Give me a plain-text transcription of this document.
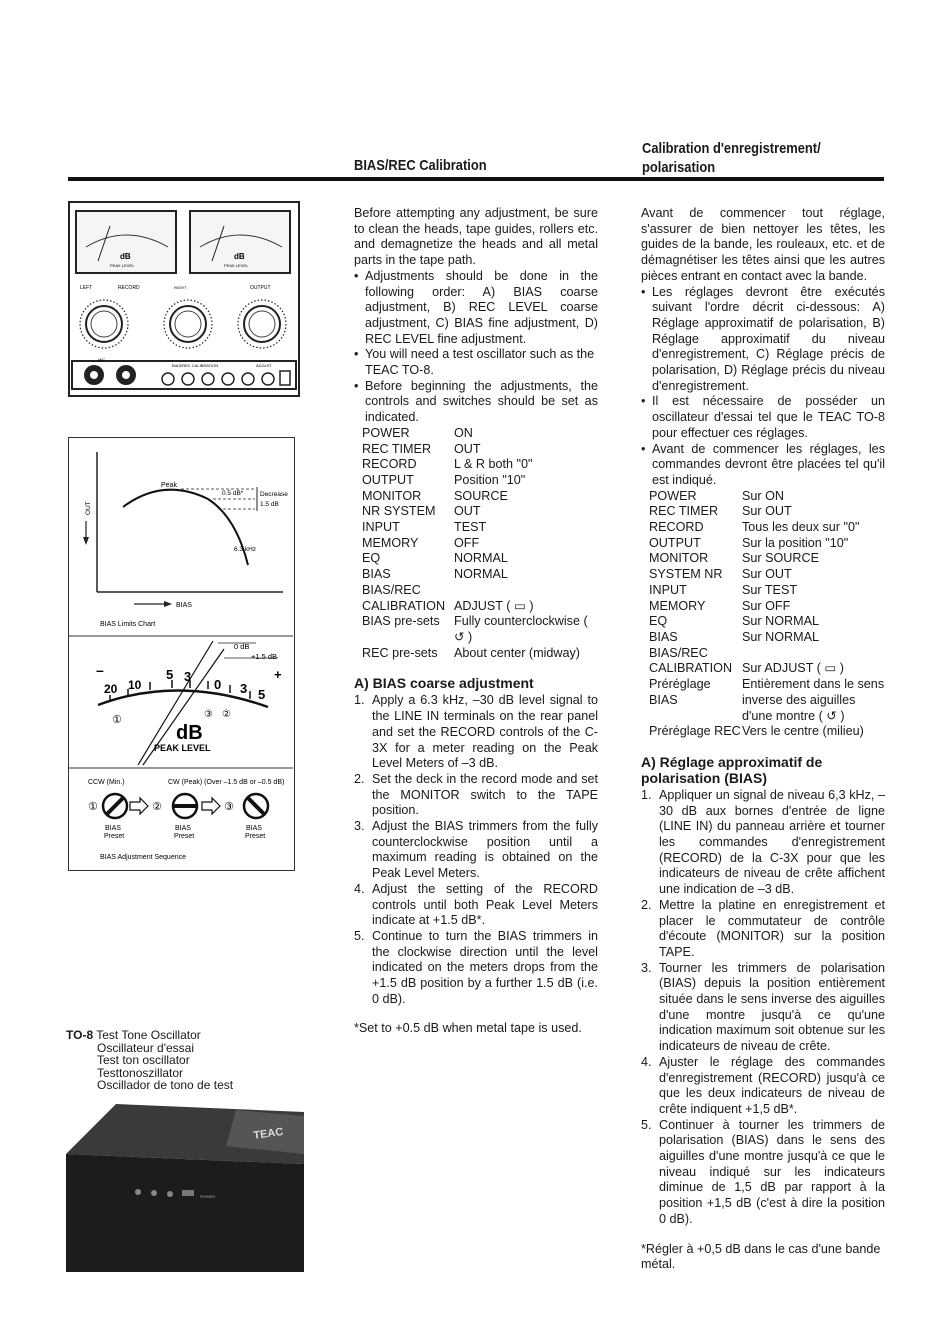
BIAS/REC Calibration
Calibration d'enregistrement/
polarisation
dB	dB
PEAK LEVEL	PEAK LEVEL
LEFT	RECORD	RIGHT	OUTPUT
MIC
BIAS/REC CALIBRATION	ADJUST
Peak
0.5 dB*	Decrease
1.5 dB
6.3 kHz
OUT
BIAS
BIAS Limits Chart
0 dB
+1.5 dB
20 10
5 3
0 3 5
–	+
①	②
③
dB
PEAK LEVEL
CCW (Min.)	CW (Peak) (Over –1.5 dB or –0.5 dB)
①	②	③
BIAS
Preset
BIAS
Preset
BIAS
Preset
BIAS Adjustment Sequence
TO-8 Test Tone Oscillator
Oscillateur d'essai
Test ton oscillator
Testtonoszillator
Oscillador de tono de test
TEAC
POWER

Before attempting any adjustment, be sure to clean the heads, tape guides, rollers etc. and demagnetize the heads and all metal parts in the tape path.

• Adjustments should be done in the following order: A) BIAS coarse adjustment, B) REC LEVEL coarse adjustment, C) BIAS fine adjustment, D) REC LEVEL fine adjustment.

• You will need a test oscillator such as the TEAC TO-8.

• Before beginning the adjustments, the controls and switches should be set as indicated.

POWER	ON
REC TIMER	OUT
RECORD	L & R both "0"
OUTPUT	Position "10"
MONITOR	SOURCE
NR SYSTEM	OUT
INPUT	TEST
MEMORY	OFF
EQ	NORMAL
BIAS	NORMAL
BIAS/REC	
CALIBRATION	ADJUST ( ▭ )
BIAS pre-sets	Fully counterclockwise ( ↺ )
REC pre-sets	About center (midway)
A) BIAS coarse adjustment

1. Apply a 6.3 kHz, –30 dB level signal to the LINE IN terminals on the rear panel and set the RECORD controls of the C-3X for a meter reading on the Peak Level Meters of –3 dB.

2. Set the deck in the record mode and set the MONITOR switch to the TAPE position.

3. Adjust the BIAS trimmers from the fully counterclockwise position until a maximum reading is obtained on the Peak Level Meters.

4. Adjust the setting of the RECORD controls until both Peak Level Meters indicate at +1.5 dB*.

5. Continue to turn the BIAS trimmers in the clockwise direction until the level indicated on the meters drops from the +1.5 dB position by a further 1.5 dB (i.e. 0 dB).

*Set to +0.5 dB when metal tape is used.

Avant de commencer tout réglage, s'assurer de bien nettoyer les têtes, les guides de la bande, les rouleaux, etc. et de démagnétiser les têtes ainsi que les autres pièces entrant en contact avec la bande.

• Les réglages devront être exécutés suivant l'ordre décrit ci-dessous: A) Réglage approximatif de polarisation, B) Réglage approximatif du niveau d'enregistrement, C) Réglage précis de polarisation, D) Réglage précis du niveau d'enregistrement.

• Il est nécessaire de posséder un oscillateur d'essai tel que le TEAC TO-8 pour effectuer ces réglages.

• Avant de commencer les réglages, les commandes devront être placées tel qu'il est indiqué.

POWER	Sur ON
REC TIMER	Sur OUT
RECORD	Tous les deux sur "0"
OUTPUT	Sur la position "10"
MONITOR	Sur SOURCE
SYSTEM NR	Sur OUT
INPUT	Sur TEST
MEMORY	Sur OFF
EQ	Sur NORMAL
BIAS	Sur NORMAL
BIAS/REC	
CALIBRATION	Sur ADJUST ( ▭ )
Préréglage BIAS	Entièrement dans le sens inverse des aiguilles d'une montre ( ↺ )
Préréglage REC	Vers le centre (milieu)
A) Réglage approximatif de polarisation (BIAS)

1. Appliquer un signal de niveau 6,3 kHz, –30 dB aux bornes d'entrée de ligne (LINE IN) du panneau arrière et tourner les commandes d'enregistrement (RECORD) de la C-3X pour que les indicateurs de niveau de crête affichent une indication de –3 dB.

2. Mettre la platine en enregistrement et placer le commutateur de contrôle d'écoute (MONITOR) sur la position TAPE.

3. Tourner les trimmers de polarisation (BIAS) depuis la position entièrement située dans le sens inverse des aiguilles d'une montre jusqu'à ce qu'une indication maximum soit obtenue sur les indicateurs de niveau de crête.

4. Ajuster le réglage des commandes d'enregistrement (RECORD) jusqu'à ce que les deux indicateurs de niveau de crête indiquent +1,5 dB*.

5. Continuer à tourner les trimmers de polarisation (BIAS) dans le sens des aiguilles d'une montre jusqu'à ce que le niveau indiqué sur les indicateurs diminue de 1,5 dB par rapport à la position +1,5 dB (c'est à dire la position 0 dB).

*Régler à +0,5 dB dans le cas d'une bande métal.
